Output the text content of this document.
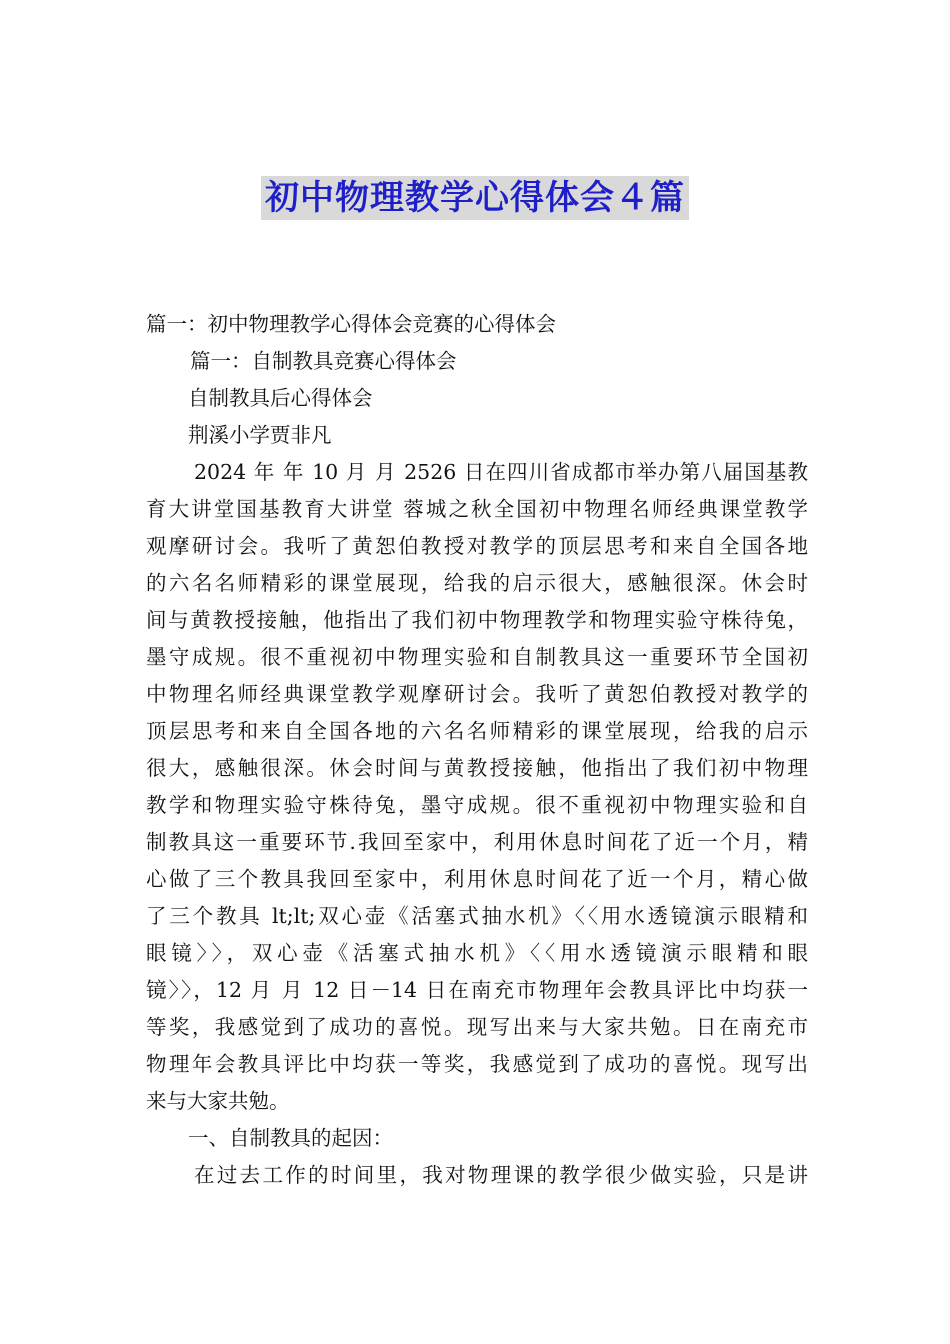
初中物理教学心得体会４篇
篇一：初中物理教学心得体会竞赛的心得体会
篇一：自制教具竞赛心得体会
自制教具后心得体会
荆溪小学贾非凡
2024 年 年 10 月 月 2526 日在四川省成都市举办第八届国基教
育大讲堂国基教育大讲堂 蓉城之秋全国初中物理名师经典课堂教学
观摩研讨会。我听了黄恕伯教授对教学的顶层思考和来自全国各地
的六名名师精彩的课堂展现，给我的启示很大，感触很深。休会时
间与黄教授接触，他指出了我们初中物理教学和物理实验守株待兔，
墨守成规。很不重视初中物理实验和自制教具这一重要环节全国初
中物理名师经典课堂教学观摩研讨会。我听了黄恕伯教授对教学的
顶层思考和来自全国各地的六名名师精彩的课堂展现，给我的启示
很大，感触很深。休会时间与黄教授接触，他指出了我们初中物理
教学和物理实验守株待兔，墨守成规。很不重视初中物理实验和自
制教具这一重要环节.我回至家中，利用休息时间花了近一个月，精
心做了三个教具我回至家中，利用休息时间花了近一个月，精心做
了三个教具 lt;lt;双心壶《活塞式抽水机》〈〈用水透镜演示眼精和
眼镜〉〉，双心壶《活塞式抽水机》〈〈用水透镜演示眼精和眼
镜〉〉，12 月 月 12 日－14 日在南充市物理年会教具评比中均获一
等奖，我感觉到了成功的喜悦。现写出来与大家共勉。日在南充市
物理年会教具评比中均获一等奖，我感觉到了成功的喜悦。现写出
来与大家共勉。
一、自制教具的起因：
在过去工作的时间里，我对物理课的教学很少做实验，只是讲
